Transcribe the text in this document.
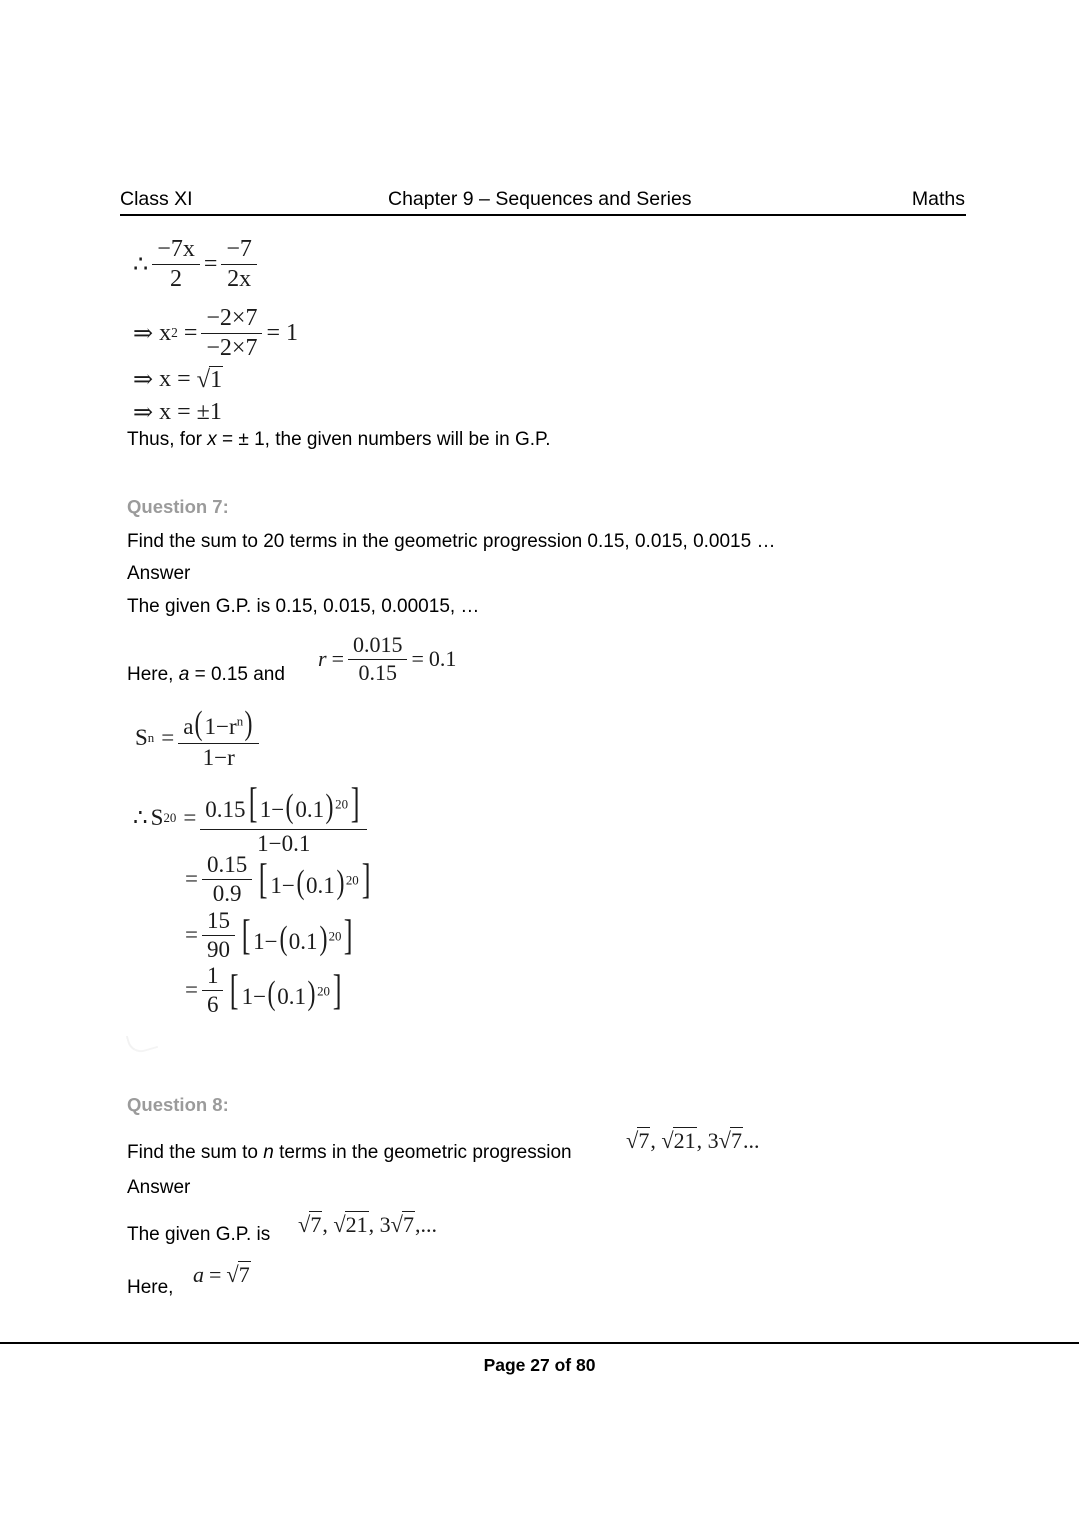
Class XI	Chapter 9 – Sequences and Series	Maths
∴ $\frac{-7x}{2} = \frac{-7}{2x}$
⇒ x $2 = \frac{-2\times 7}{-2\times 7} = 1$
⇒ x = √1
⇒ x = ±1
Thus, for x = ± 1, the given numbers will be in G.P.
Question 7:
Find the sum to 20 terms in the geometric progression 0.15, 0.015, 0.0015 …
Answer
The given G.P. is 0.15, 0.015, 0.00015, …
Here, a = 0.15 and
$r = \frac{0.015}{0.15} = 0.1$
S $n = \frac{a(1-r^n)}{1-r}$
∴ S $20 = \frac{0.15[ 1-(0.1) ^{20}]}{1-0.1}$
= $\frac{0.15}{0.9}$ [ 1−(0.1) $^{20}$]
= $\frac{15}{90}$ [ 1−(0.1) $^{20}$]
= $\frac{1}{6}$ [ 1−(0.1) $^{20}$]
Question 8:
Find the sum to n terms in the geometric progression √7, √21, 3√7...
Answer
The given G.P. is √7, √21, 3√7,...
Here,
a = √7
Page 27 of 80
